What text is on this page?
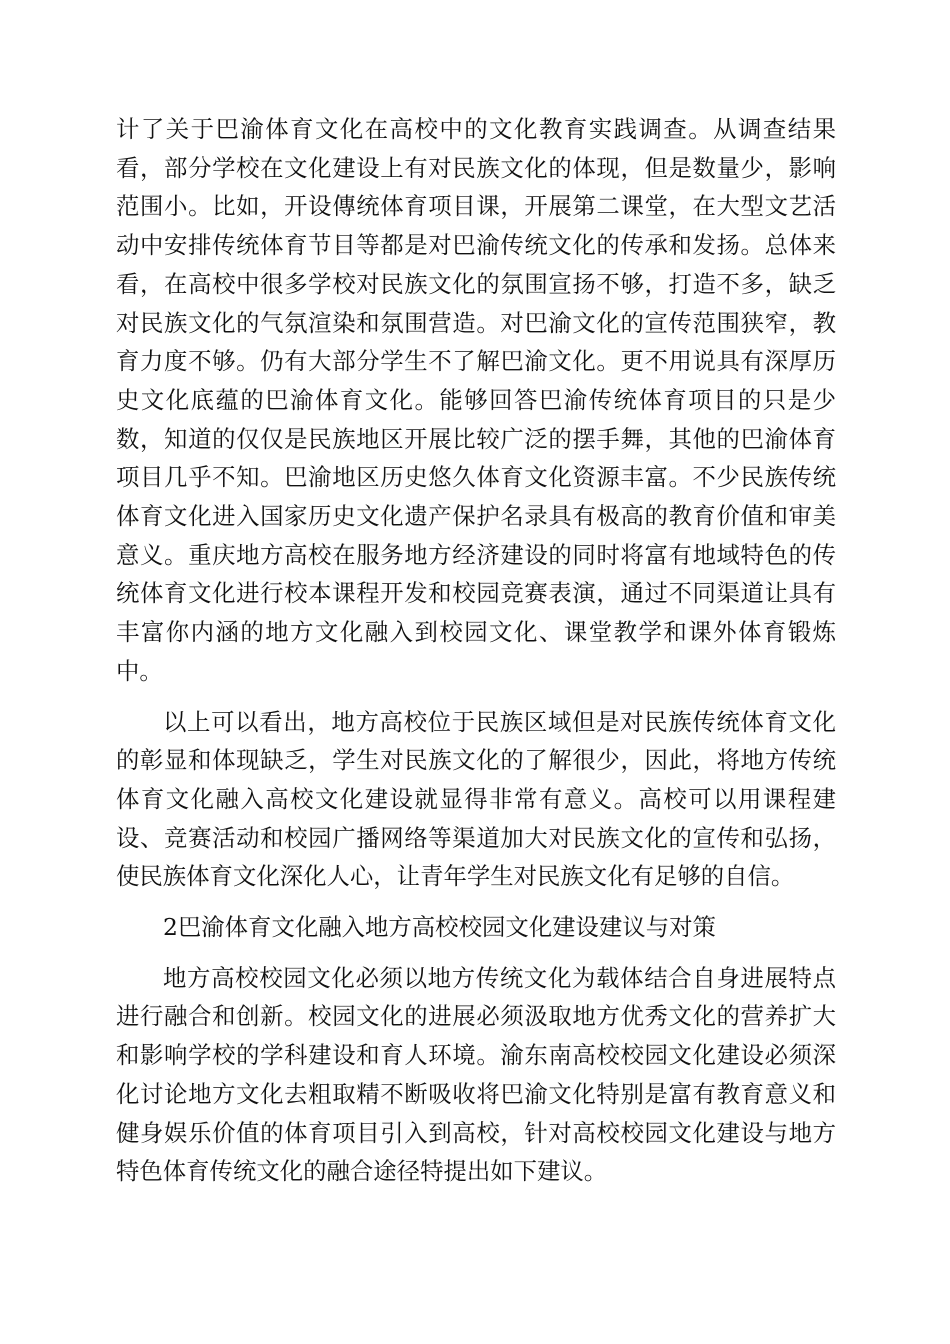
计了关于巴渝体育文化在高校中的文化教育实践调查。从调查结果看，部分学校在文化建设上有对民族文化的体现，但是数量少，影响范围小。比如，开设傳统体育项目课，开展第二课堂，在大型文艺活动中安排传统体育节目等都是对巴渝传统文化的传承和发扬。总体来看，在高校中很多学校对民族文化的氛围宣扬不够，打造不多，缺乏对民族文化的气氛渲染和氛围营造。对巴渝文化的宣传范围狭窄，教育力度不够。仍有大部分学生不了解巴渝文化。更不用说具有深厚历史文化底蕴的巴渝体育文化。能够回答巴渝传统体育项目的只是少数，知道的仅仅是民族地区开展比较广泛的摆手舞，其他的巴渝体育项目几乎不知。巴渝地区历史悠久体育文化资源丰富。不少民族传统体育文化进入国家历史文化遗产保护名录具有极高的教育价值和审美意义。重庆地方高校在服务地方经济建设的同时将富有地域特色的传统体育文化进行校本课程开发和校园竞赛表演，通过不同渠道让具有丰富你内涵的地方文化融入到校园文化、课堂教学和课外体育锻炼中。

以上可以看出，地方高校位于民族区域但是对民族传统体育文化的彰显和体现缺乏，学生对民族文化的了解很少，因此，将地方传统体育文化融入高校文化建设就显得非常有意义。高校可以用课程建设、竞赛活动和校园广播网络等渠道加大对民族文化的宣传和弘扬，使民族体育文化深化人心，让青年学生对民族文化有足够的自信。

2巴渝体育文化融入地方高校校园文化建设建议与对策

地方高校校园文化必须以地方传统文化为载体结合自身进展特点进行融合和创新。校园文化的进展必须汲取地方优秀文化的营养扩大和影响学校的学科建设和育人环境。渝东南高校校园文化建设必须深化讨论地方文化去粗取精不断吸收将巴渝文化特别是富有教育意义和健身娱乐价值的体育项目引入到高校，针对高校校园文化建设与地方特色体育传统文化的融合途径特提出如下建议。
